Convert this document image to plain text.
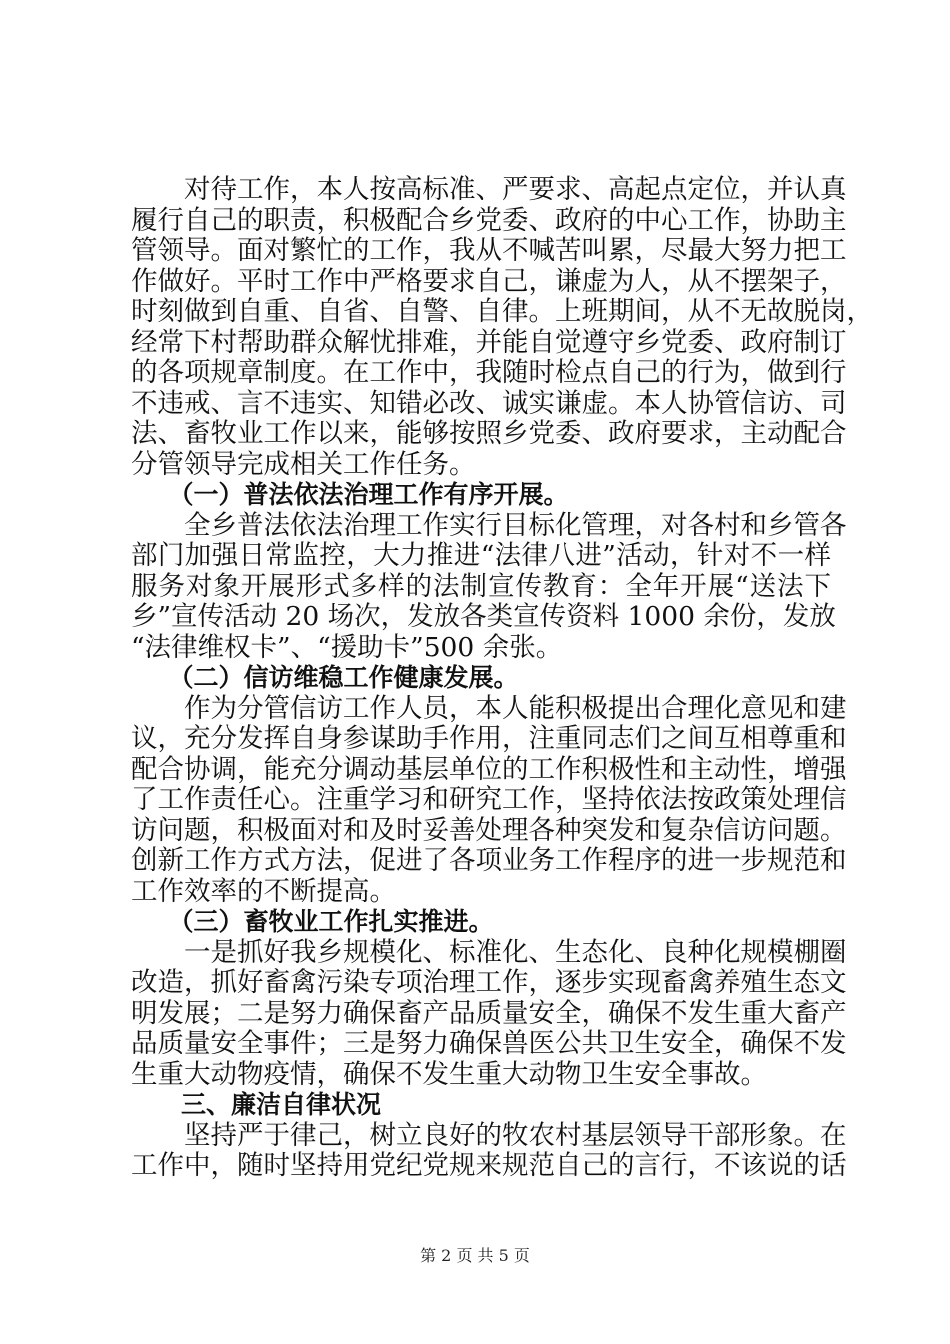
　　对待工作，本人按高标准、严要求、高起点定位，并认真
履行自己的职责，积极配合乡党委、政府的中心工作，协助主
管领导。面对繁忙的工作，我从不喊苦叫累，尽最大努力把工
作做好。平时工作中严格要求自己，谦虚为人，从不摆架子，
时刻做到自重、自省、自警、自律。上班期间，从不无故脱岗，
经常下村帮助群众解忧排难，并能自觉遵守乡党委、政府制订
的各项规章制度。在工作中，我随时检点自己的行为，做到行
不违戒、言不违实、知错必改、诚实谦虚。本人协管信访、司
法、畜牧业工作以来，能够按照乡党委、政府要求，主动配合
分管领导完成相关工作任务。
　　（一）普法依法治理工作有序开展。
　　全乡普法依法治理工作实行目标化管理，对各村和乡管各
部门加强日常监控，大力推进“法律八进”活动，针对不一样
服务对象开展形式多样的法制宣传教育：全年开展“送法下
乡”宣传活动 20 场次，发放各类宣传资料 1000 余份，发放
“法律维权卡”、“援助卡”500 余张。
　　（二）信访维稳工作健康发展。
　　作为分管信访工作人员，本人能积极提出合理化意见和建
议，充分发挥自身参谋助手作用，注重同志们之间互相尊重和
配合协调，能充分调动基层单位的工作积极性和主动性，增强
了工作责任心。注重学习和研究工作，坚持依法按政策处理信
访问题，积极面对和及时妥善处理各种突发和复杂信访问题。
创新工作方式方法，促进了各项业务工作程序的进一步规范和
工作效率的不断提高。
　　（三）畜牧业工作扎实推进。
　　一是抓好我乡规模化、标准化、生态化、良种化规模棚圈
改造，抓好畜禽污染专项治理工作，逐步实现畜禽养殖生态文
明发展；二是努力确保畜产品质量安全，确保不发生重大畜产
品质量安全事件；三是努力确保兽医公共卫生安全，确保不发
生重大动物疫情，确保不发生重大动物卫生安全事故。
　　三、廉洁自律状况
　　坚持严于律己，树立良好的牧农村基层领导干部形象。在
工作中，随时坚持用党纪党规来规范自己的言行，不该说的话
第 2 页 共 5 页
